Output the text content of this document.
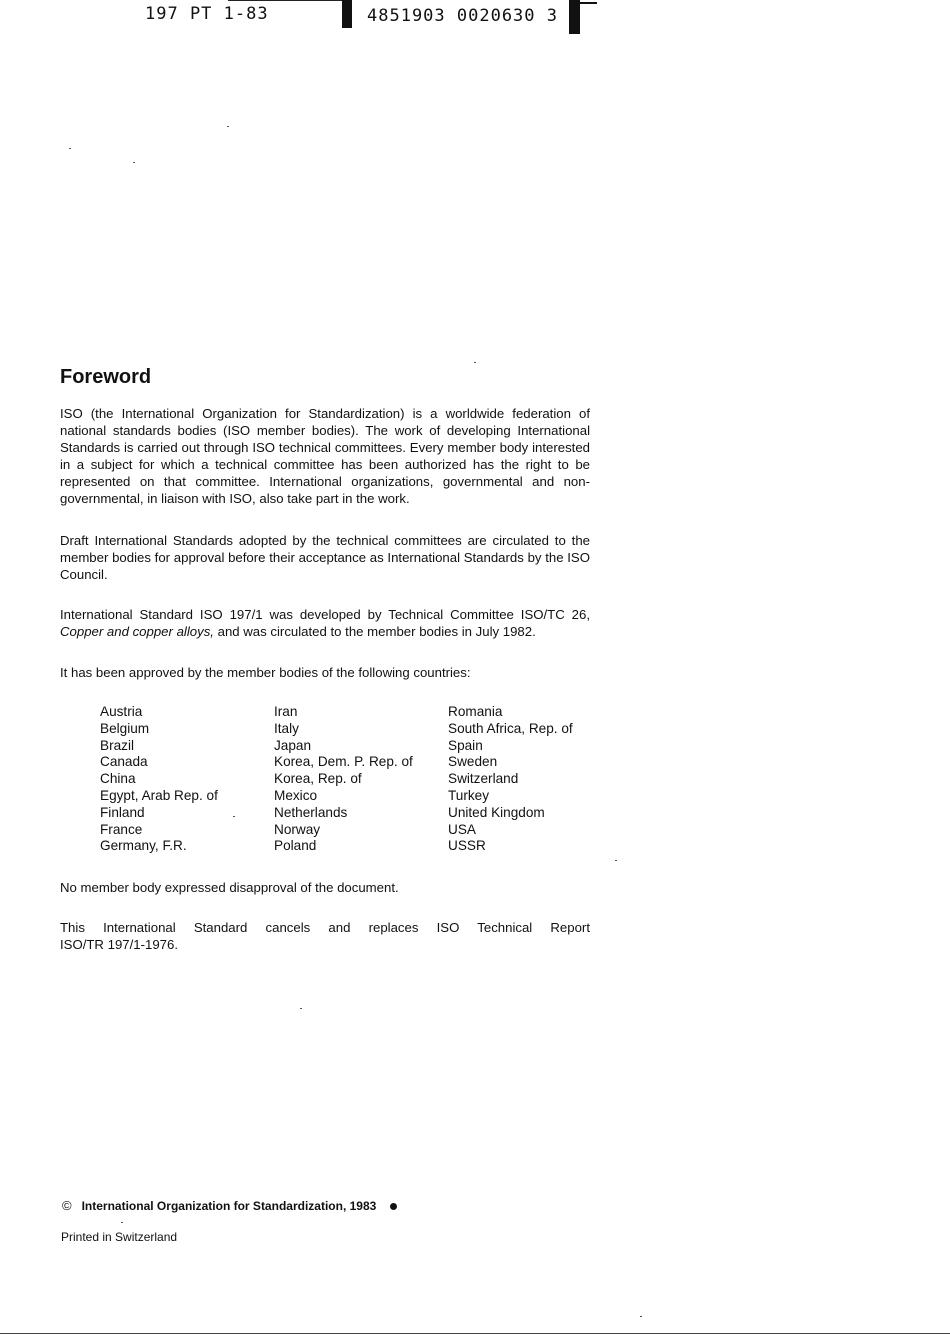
197 PT 1-83	4851903 0020630 3
Foreword

ISO (the International Organization for Standardization) is a worldwide federation of national standards bodies (ISO member bodies). The work of developing International Standards is carried out through ISO technical committees. Every member body interested in a subject for which a technical committee has been authorized has the right to be represented on that committee. International organizations, governmental and non-governmental, in liaison with ISO, also take part in the work.

Draft International Standards adopted by the technical committees are circulated to the member bodies for approval before their acceptance as International Standards by the ISO Council.

International Standard ISO 197/1 was developed by Technical Committee ISO/TC 26, Copper and copper alloys, and was circulated to the member bodies in July 1982.

It has been approved by the member bodies of the following countries:

Austria
Belgium
Brazil
Canada
China
Egypt, Arab Rep. of
Finland
France
Germany, F.R.
Iran
Italy
Japan
Korea, Dem. P. Rep. of
Korea, Rep. of
Mexico
Netherlands
Norway
Poland
Romania
South Africa, Rep. of
Spain
Sweden
Switzerland
Turkey
United Kingdom
USA
USSR

No member body expressed disapproval of the document.

This International Standard cancels and replaces ISO Technical Report
ISO/TR 197/1-1976.

© International Organization for Standardization, 1983
Printed in Switzerland
